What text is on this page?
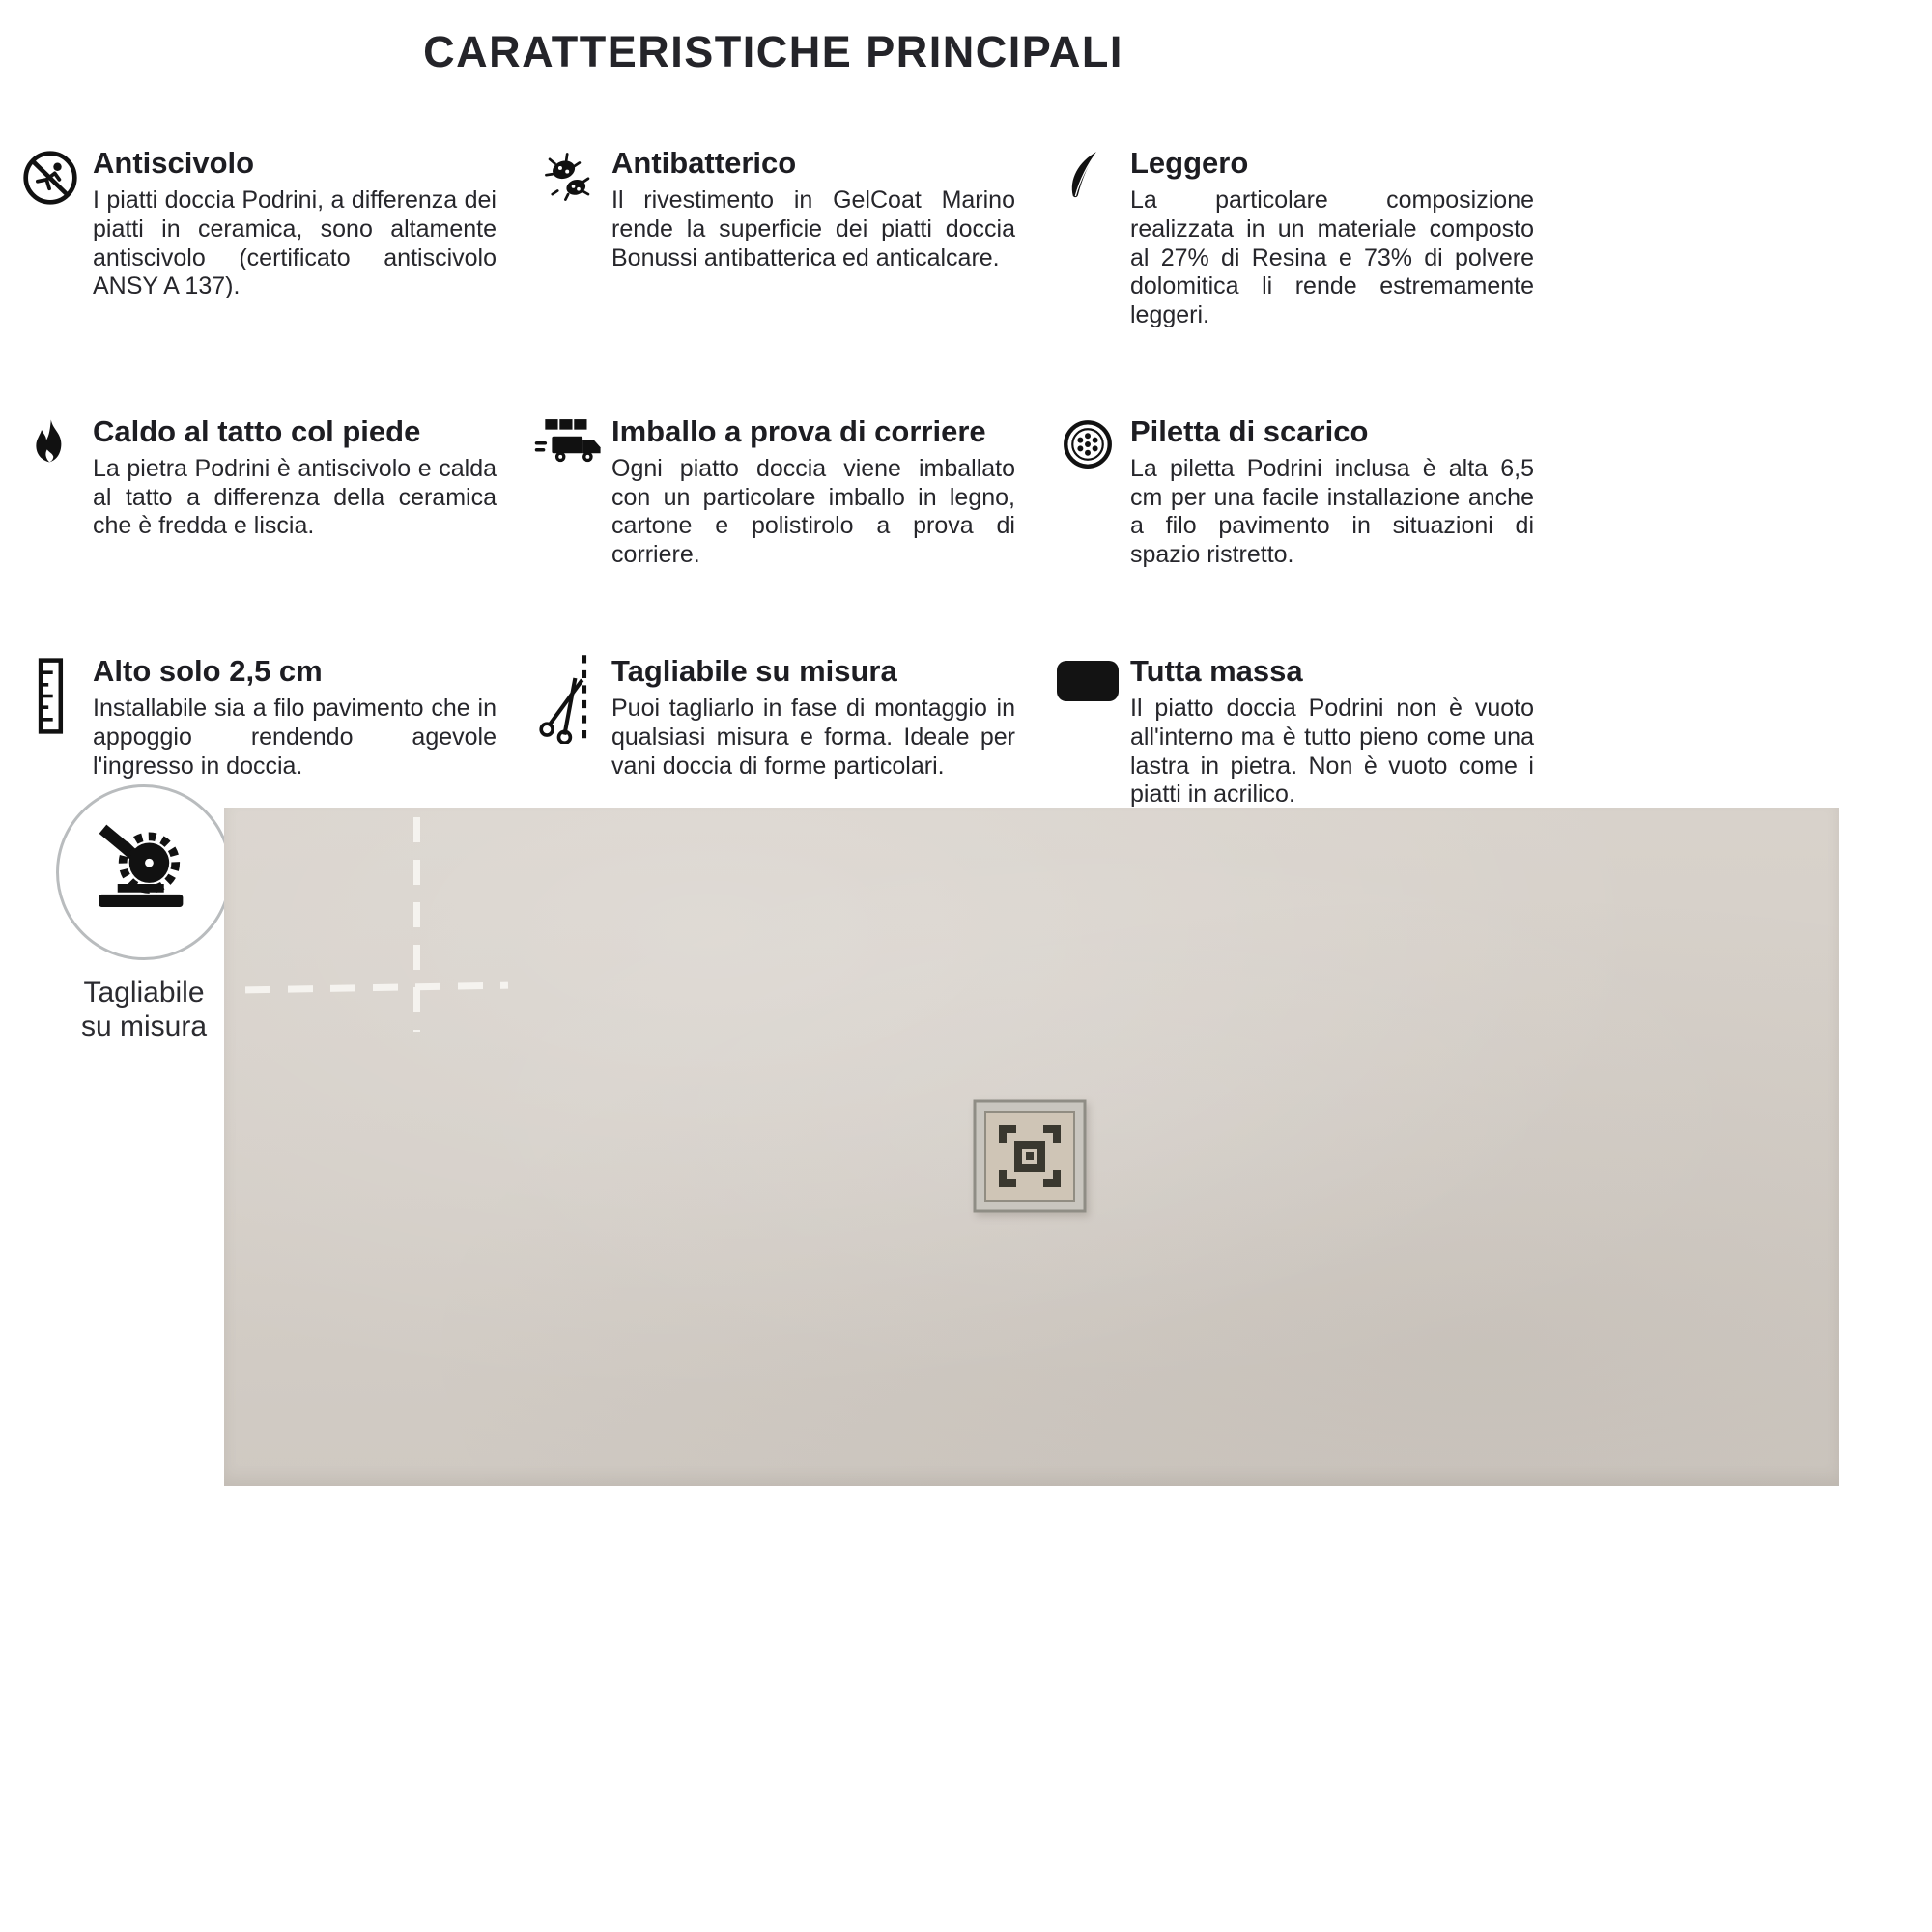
CARATTERISTICHE PRINCIPALI
Antiscivolo

I piatti doccia Podrini, a differenza dei piatti in ceramica, sono altamente antiscivolo (certificato antiscivolo ANSY A 137).

Antibatterico

Il rivestimento in GelCoat Marino rende la superficie dei piatti doccia Bonussi antibatterica ed anticalcare.

Leggero

La particolare composizione realizzata in un materiale composto al 27% di Resina e 73% di polvere dolomitica li rende estremamente leggeri.

Caldo al tatto col piede

La pietra Podrini è antiscivolo e calda al tatto a differenza della ceramica che è fredda e liscia.

Imballo a prova di corriere

Ogni piatto doccia viene imballato con un particolare imballo in legno, cartone e polistirolo a prova di corriere.

Piletta di scarico

La piletta Podrini inclusa è alta 6,5 cm per una facile installazione anche a filo pavimento in situazioni di spazio ristretto.

Alto solo 2,5 cm

Installabile sia a filo pavimento che in appoggio rendendo agevole l'ingresso in doccia.

Tagliabile su misura

Puoi tagliarlo in fase di montaggio in qualsiasi misura e forma. Ideale per vani doccia di forme particolari.

Tutta massa

Il piatto doccia Podrini non è vuoto all'interno ma è tutto pieno come una lastra in pietra. Non è vuoto come i piatti in acrilico.

Tagliabile
su misura
